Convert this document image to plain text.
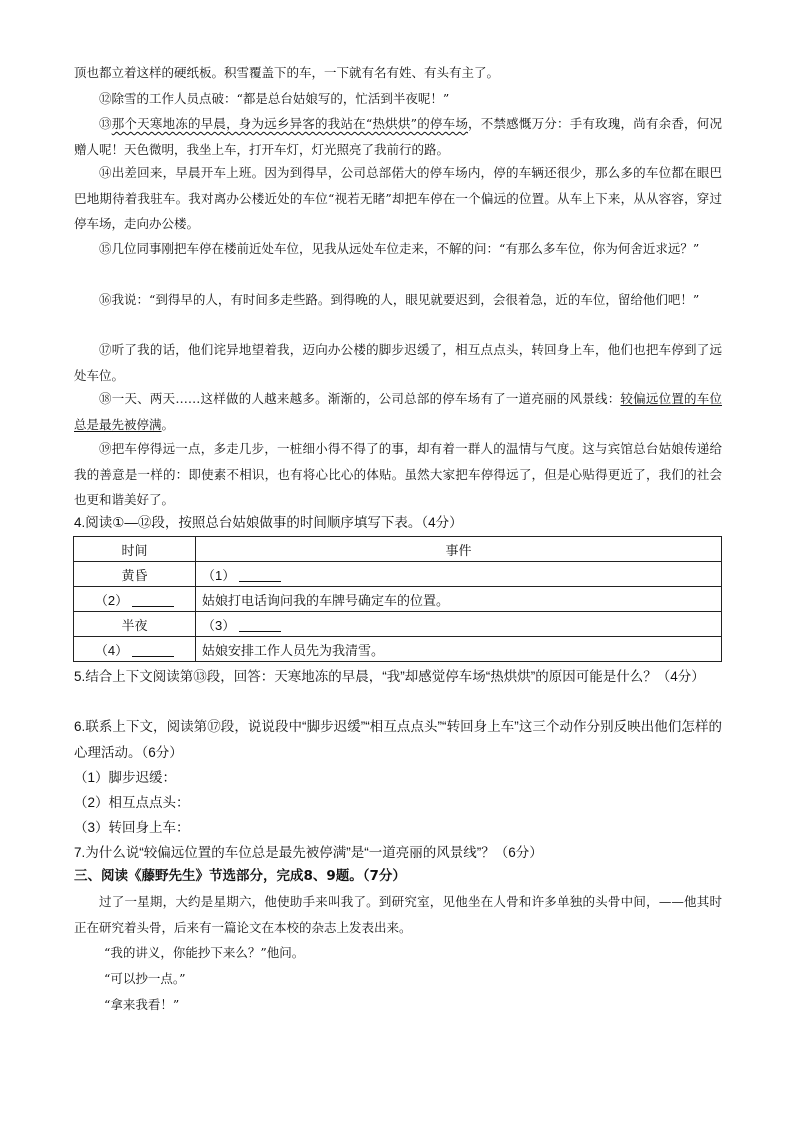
顶也都立着这样的硬纸板。积雪覆盖下的车，一下就有名有姓、有头有主了。

⑫除雪的工作人员点破：“都是总台姑娘写的，忙活到半夜呢！”

⑬那个天寒地冻的早晨，身为远乡异客的我站在“热烘烘”的停车场，不禁感慨万分：手有玫瑰，尚有余香，何况赠人呢！天色微明，我坐上车，打开车灯，灯光照亮了我前行的路。

⑭出差回来，早晨开车上班。因为到得早，公司总部偌大的停车场内，停的车辆还很少，那么多的车位都在眼巴巴地期待着我驻车。我对离办公楼近处的车位“视若无睹”却把车停在一个偏远的位置。从车上下来，从从容容，穿过停车场，走向办公楼。

⑮几位同事刚把车停在楼前近处车位，见我从远处车位走来，不解的问：“有那么多车位，你为何舍近求远？”

⑯我说：“到得早的人，有时间多走些路。到得晚的人，眼见就要迟到，会很着急，近的车位，留给他们吧！”

⑰听了我的话，他们诧异地望着我，迈向办公楼的脚步迟缓了，相互点点头，转回身上车，他们也把车停到了远处车位。

⑱一天、两天……这样做的人越来越多。渐渐的，公司总部的停车场有了一道亮丽的风景线：较偏远位置的车位总是最先被停满。

⑲把车停得远一点，多走几步，一桩细小得不得了的事，却有着一群人的温情与气度。这与宾馆总台姑娘传递给我的善意是一样的：即使素不相识，也有将心比心的体贴。虽然大家把车停得远了，但是心贴得更近了，我们的社会也更和谐美好了。

4.阅读①—⑫段，按照总台姑娘做事的时间顺序填写下表。（4分）

时间	事件
黄昏	（1）
（2）	姑娘打电话询问我的车牌号确定车的位置。
半夜	（3）
（4）	姑娘安排工作人员先为我清雪。

5.结合上下文阅读第⑬段，回答：天寒地冻的早晨，“我”却感觉停车场“热烘烘”的原因可能是什么？（4分）

6.联系上下文，阅读第⑰段，说说段中“脚步迟缓”“相互点点头”“转回身上车”这三个动作分别反映出他们怎样的心理活动。（6分）

（1）脚步迟缓：

（2）相互点点头：

（3）转回身上车：

7.为什么说“较偏远位置的车位总是最先被停满”是“一道亮丽的风景线”？（6分）

三、阅读《藤野先生》节选部分，完成8、9题。（7分）

过了一星期，大约是星期六，他使助手来叫我了。到研究室，见他坐在人骨和许多单独的头骨中间，——他其时正在研究着头骨，后来有一篇论文在本校的杂志上发表出来。

“我的讲义，你能抄下来么？”他问。

“可以抄一点。”

“拿来我看！”
